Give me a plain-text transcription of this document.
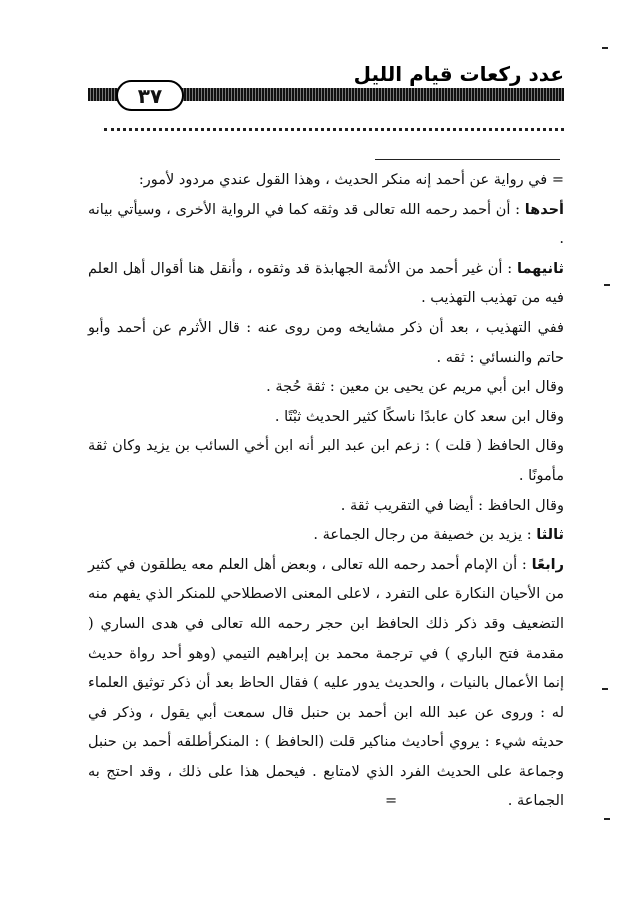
عدد ركعات قيام الليل
٣٧

= في رواية عن أحمد إنه منكر الحديث ، وهذا القول عندي مردود لأمور:

أحدها : أن أحمد رحمه الله تعالى قد وثقه كما في الرواية الأخرى ، وسيأتي بيانه .

ثانيهما : أن غير أحمد من الأئمة الجهابذة قد وثقوه ، وأنقل هنا أقوال أهل العلم فيه من تهذيب التهذيب .

ففي التهذيب ، بعد أن ذكر مشايخه ومن روى عنه : قال الأثرم عن أحمد وأبو حاتم والنسائي : ثقه .

وقال ابن أبي مريم عن يحيى بن معين : ثقة حُجة .

وقال ابن سعد كان عابدًا ناسكًا كثير الحديث ثبْتًا .

وقال الحافظ ( قلت ) : زعم ابن عبد البر أنه ابن أخي السائب بن يزيد وكان ثقة مأمونًا .

وقال الحافظ : أيضا في التقريب ثقة .

ثالثا : يزيد بن خصيفة من رجال الجماعة .

رابعًا : أن الإمام أحمد رحمه الله تعالى ، وبعض أهل العلم معه يطلقون في كثير من الأحيان النكارة على التفرد ، لاعلى المعنى الاصطلاحي للمنكر الذي يفهم منه التضعيف وقد ذكر ذلك الحافظ ابن حجر رحمه الله تعالى في هدى الساري ( مقدمة فتح الباري ) في ترجمة محمد بن إبراهيم التيمي (وهو أحد رواة حديث إنما الأعمال بالنيات ، والحديث يدور عليه ) فقال الحاظ بعد أن ذكر توثيق العلماء له : وروى عن عبد الله ابن أحمد بن حنبل قال سمعت أبي يقول ، وذكر في حديثه شيء : يروي أحاديث مناكير قلت (الحافظ ) : المنكرأطلقه أحمد بن حنبل وجماعة على الحديث الفرد الذي لامتابع . فيحمل هذا على ذلك ، وقد احتج به الجماعة .                        =
